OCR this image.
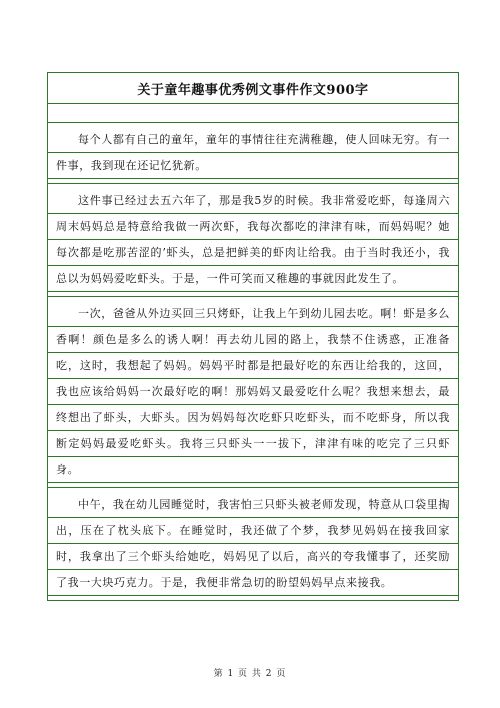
关于童年趣事优秀例文事件作文900字
每个人都有自己的童年，童年的事情往往充满稚趣，使人回味无穷。有一件事，我到现在还记忆犹新。
这件事已经过去五六年了，那是我5岁的时候。我非常爱吃虾，每逢周六周末妈妈总是特意给我做一两次虾，我每次都吃的津津有味，而妈妈呢？她每次都是吃那苦涩的’虾头，总是把鲜美的虾肉让给我。由于当时我还小，我总以为妈妈爱吃虾头。于是，一件可笑而又稚趣的事就因此发生了。
一次，爸爸从外边买回三只烤虾，让我上午到幼儿园去吃。啊！虾是多么香啊！颜色是多么的诱人啊！再去幼儿园的路上，我禁不住诱惑，正准备吃，这时，我想起了妈妈。妈妈平时都是把最好吃的东西让给我的，这回，我也应该给妈妈一次最好吃的啊！那妈妈又最爱吃什么呢？我想来想去，最终想出了虾头，大虾头。因为妈妈每次吃虾只吃虾头，而不吃虾身，所以我断定妈妈最爱吃虾头。我将三只虾头一一拔下，津津有味的吃完了三只虾身。
中午，我在幼儿园睡觉时，我害怕三只虾头被老师发现，特意从口袋里掏出，压在了枕头底下。在睡觉时，我还做了个梦，我梦见妈妈在接我回家时，我拿出了三个虾头给她吃，妈妈见了以后，高兴的夸我懂事了，还奖励了我一大块巧克力。于是，我便非常急切的盼望妈妈早点来接我。
第 1 页 共 2 页
